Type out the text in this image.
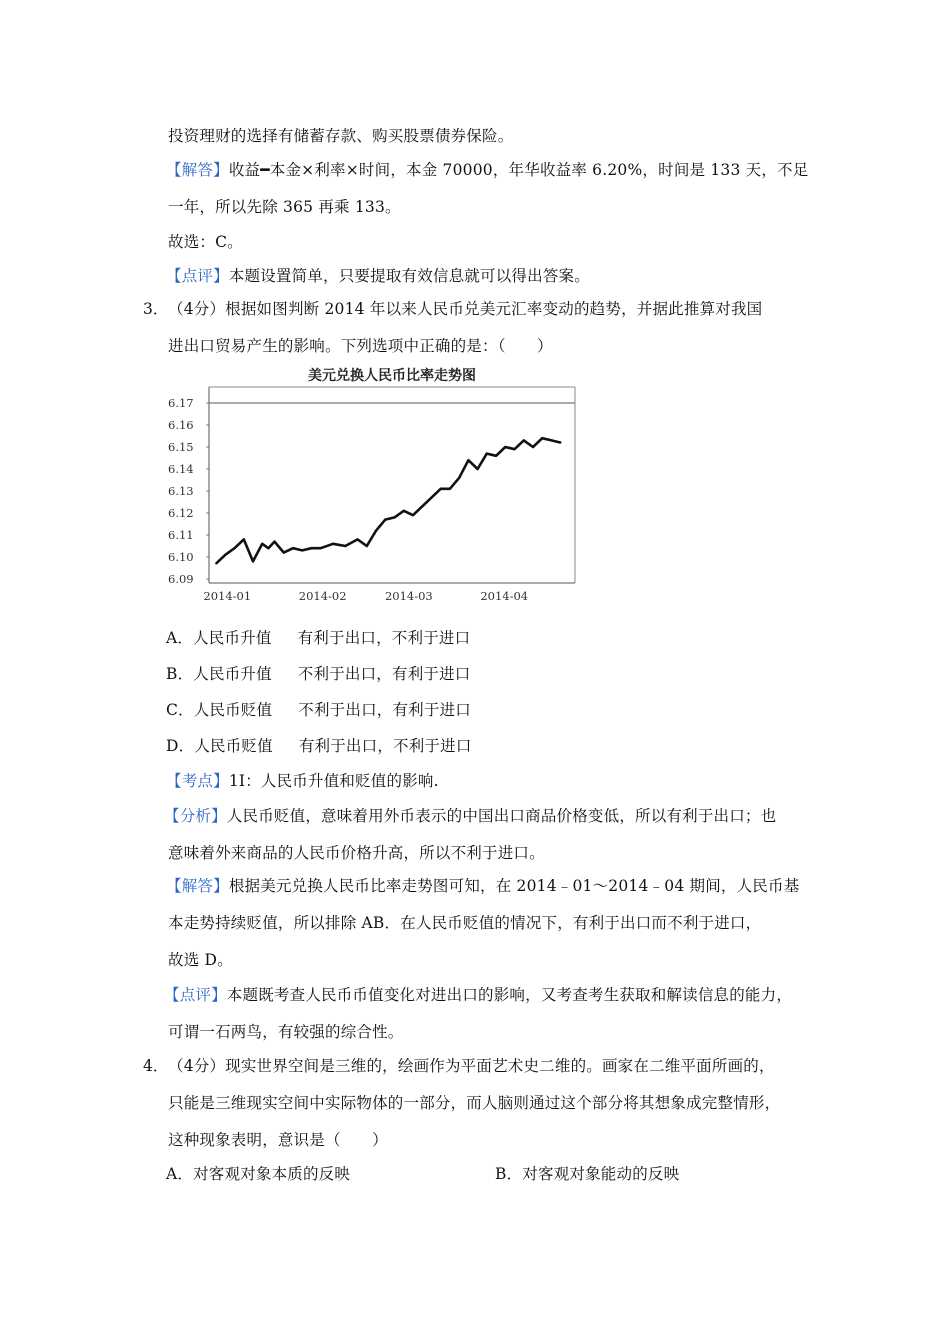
投资理财的选择有储蓄存款、购买股票债券保险。
【解答】收益━本金×利率×时间，本金 70000，年华收益率 6.20%，时间是 133 天，不足
一年，所以先除 365 再乘 133。
故选：C。
【点评】本题设置简单，只要提取有效信息就可以得出答案。
3． （4分）根据如图判断 2014 年以来人民币兑美元汇率变动的趋势，并据此推算对我国
进出口贸易产生的影响。下列选项中正确的是：（　　）
美元兑换人民币比率走势图
6.17
6.16
6.15
6.14
6.13
6.12
6.11
6.10
6.09
2014-01	2014-02	2014-03	2014-04
A．人民币升值 有利于出口，不利于进口
B．人民币升值 不利于出口，有利于进口
C．人民币贬值 不利于出口，有利于进口
D．人民币贬值 有利于出口，不利于进口
【考点】1I：人民币升值和贬值的影响.
【分析】人民币贬值，意味着用外币表示的中国出口商品价格变低，所以有利于出口；也
意味着外来商品的人民币价格升高，所以不利于进口。
【解答】根据美元兑换人民币比率走势图可知，在 2014﹣01～2014﹣04 期间，人民币基
本走势持续贬值，所以排除 AB．在人民币贬值的情况下，有利于出口而不利于进口，
故选 D。
【点评】本题既考查人民币币值变化对进出口的影响，又考查考生获取和解读信息的能力，
可谓一石两鸟，有较强的综合性。
4． （4分）现实世界空间是三维的，绘画作为平面艺术史二维的。画家在二维平面所画的，
只能是三维现实空间中实际物体的一部分，而人脑则通过这个部分将其想象成完整情形，
这种现象表明，意识是（　　）
A．对客观对象本质的反映	B．对客观对象能动的反映
